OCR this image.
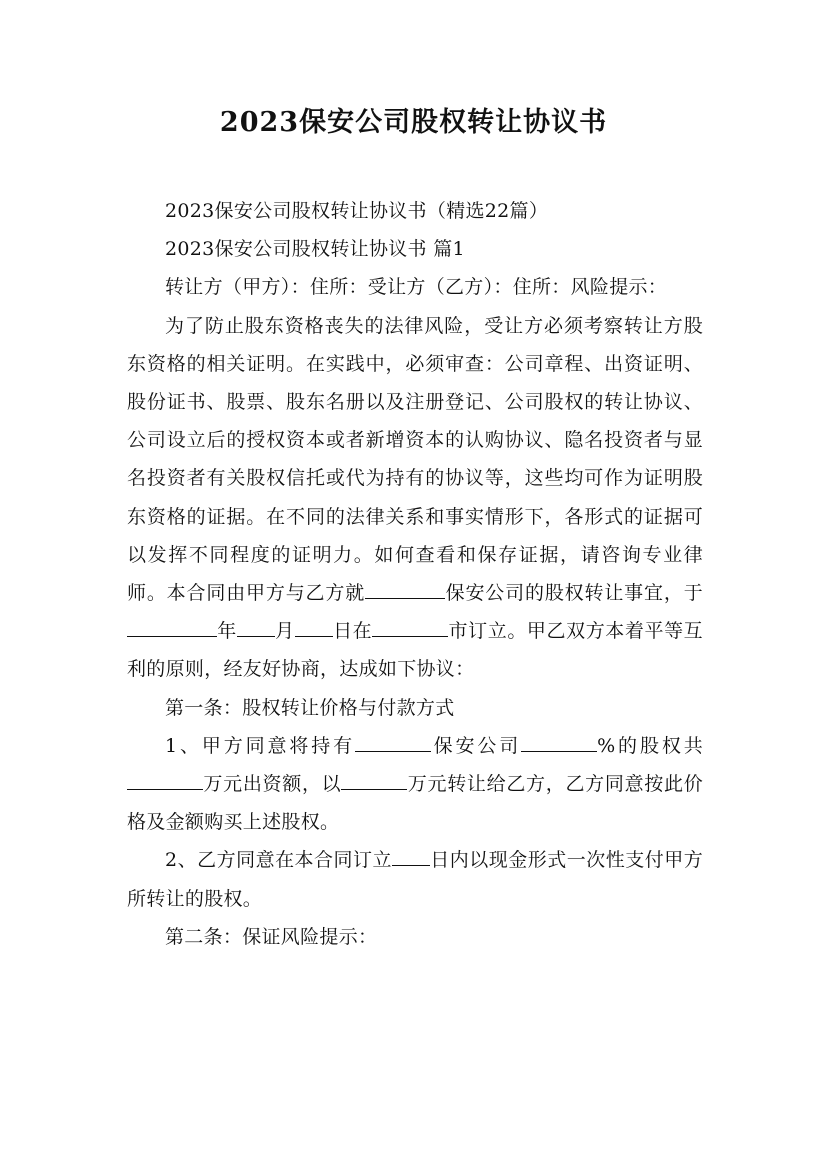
2023保安公司股权转让协议书

2023保安公司股权转让协议书（精选22篇）

2023保安公司股权转让协议书 篇1

转让方（甲方）：住所：受让方（乙方）：住所：风险提示：

为了防止股东资格丧失的法律风险，受让方必须考察转让方股东资格的相关证明。在实践中，必须审查：公司章程、出资证明、股份证书、股票、股东名册以及注册登记、公司股权的转让协议、公司设立后的授权资本或者新增资本的认购协议、隐名投资者与显名投资者有关股权信托或代为持有的协议等，这些均可作为证明股东资格的证据。在不同的法律关系和事实情形下，各形式的证据可以发挥不同程度的证明力。如何查看和保存证据，请咨询专业律师。本合同由甲方与乙方就	保安公司的股权转让事宜，于年 月 日在	市订立。甲乙双方本着平等互利的原则，经友好协商，达成如下协议：

第一条：股权转让价格与付款方式

1、甲方同意将持有	保安公司	%的股权共万元出资额，以	万元转让给乙方，乙方同意按此价格及金额购买上述股权。

2、乙方同意在本合同订立 日内以现金形式一次性支付甲方所转让的股权。

第二条：保证风险提示：
